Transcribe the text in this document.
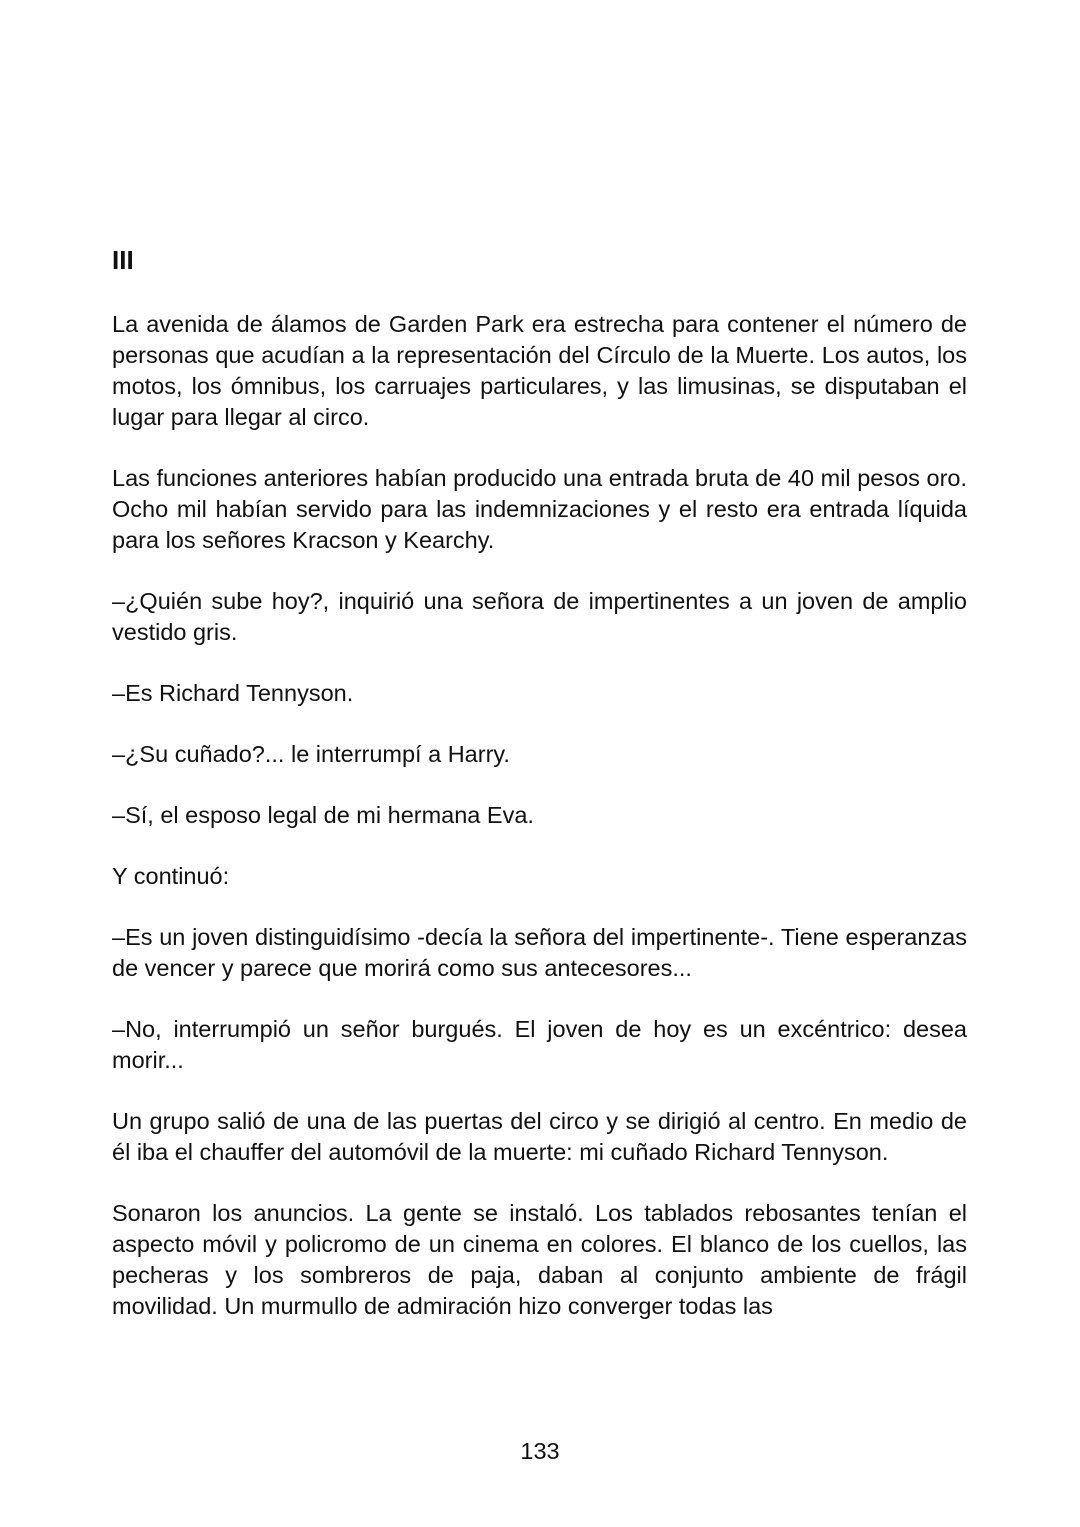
III

La avenida de álamos de Garden Park era estrecha para contener el número de personas que acudían a la representación del Círculo de la Muerte. Los autos, los motos, los ómnibus, los carruajes particulares, y las limusinas, se disputaban el lugar para llegar al circo.

Las funciones anteriores habían producido una entrada bruta de 40 mil pesos oro. Ocho mil habían servido para las indemnizaciones y el resto era entrada líquida para los señores Kracson y Kearchy.

–¿Quién sube hoy?, inquirió una señora de impertinentes a un joven de amplio vestido gris.

–Es Richard Tennyson.

–¿Su cuñado?... le interrumpí a Harry.

–Sí, el esposo legal de mi hermana Eva.

Y continuó:

–Es un joven distinguidísimo -decía la señora del impertinente-. Tiene esperanzas de vencer y parece que morirá como sus antecesores...

–No, interrumpió un señor burgués. El joven de hoy es un excéntrico: desea morir...

Un grupo salió de una de las puertas del circo y se dirigió al centro. En medio de él iba el chauffer del automóvil de la muerte: mi cuñado Richard Tennyson.

Sonaron los anuncios. La gente se instaló. Los tablados rebosantes tenían el aspecto móvil y policromo de un cinema en colores. El blanco de los cuellos, las pecheras y los sombreros de paja, daban al conjunto ambiente de frágil movilidad. Un murmullo de admiración hizo converger todas las

133
